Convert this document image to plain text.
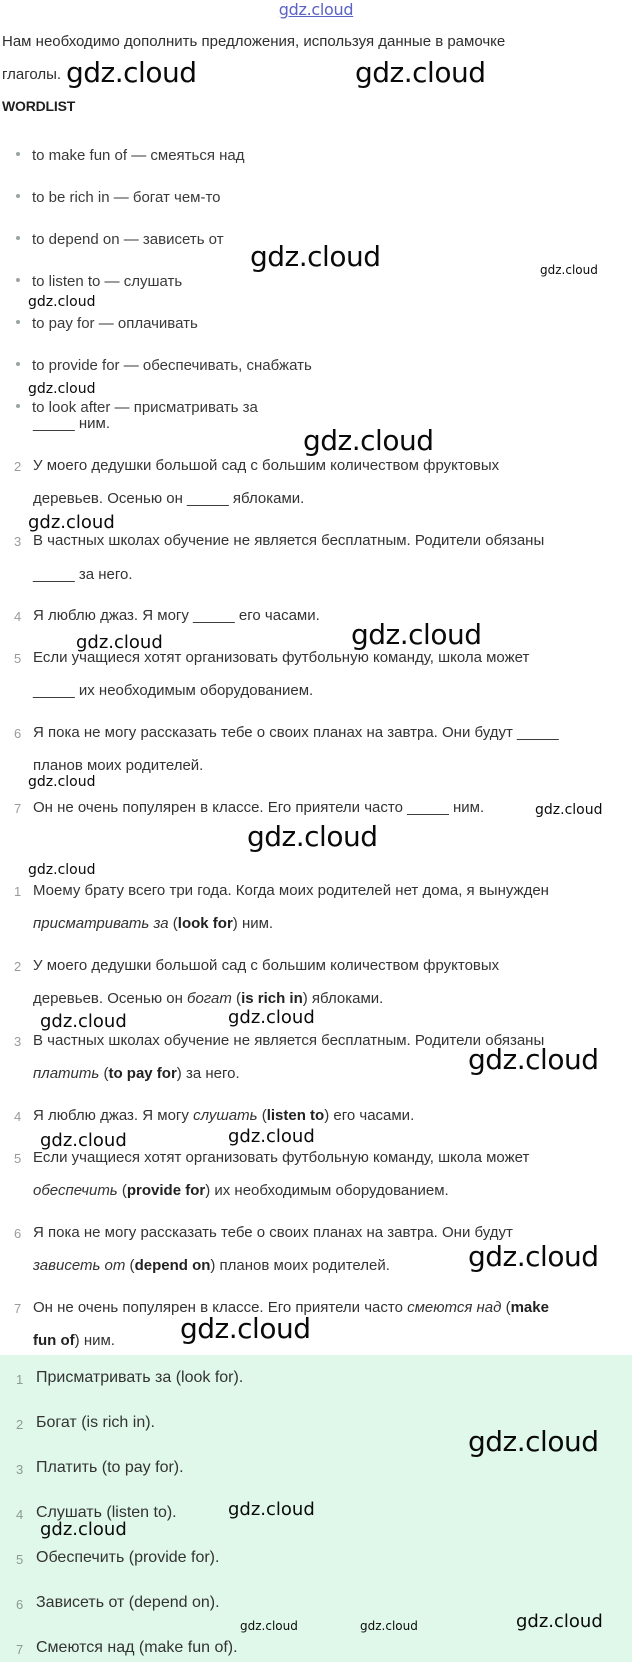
gdz.cloud
Нам необходимо дополнить предложения, используя данные в рамочке
глаголы.
WORDLIST
to make fun of — смеяться над
to be rich in — богат чем-то
to depend on — зависеть от
to listen to — слушать
to pay for — оплачивать
to provide for — обеспечивать, снабжать
to look after — присматривать за
_____ ним.
2 У моего дедушки большой сад с большим количеством фруктовых
деревьев. Осенью он _____ яблоками.
3 В частных школах обучение не является бесплатным. Родители обязаны
_____ за него.
4 Я люблю джаз. Я могу _____ его часами.
5 Если учащиеся хотят организовать футбольную команду, школа может
_____ их необходимым оборудованием.
6 Я пока не могу рассказать тебе о своих планах на завтра. Они будут _____
планов моих родителей.
7 Он не очень популярен в классе. Его приятели часто _____ ним.
1 Моему брату всего три года. Когда моих родителей нет дома, я вынужден
присматривать за (look for) ним.
2 У моего дедушки большой сад с большим количеством фруктовых
деревьев. Осенью он богат (is rich in) яблоками.
3 В частных школах обучение не является бесплатным. Родители обязаны
платить (to pay for) за него.
4 Я люблю джаз. Я могу слушать (listen to) его часами.
5 Если учащиеся хотят организовать футбольную команду, школа может
обеспечить (provide for) их необходимым оборудованием.
6 Я пока не могу рассказать тебе о своих планах на завтра. Они будут
зависеть от (depend on) планов моих родителей.
7 Он не очень популярен в классе. Его приятели часто смеются над (make
fun of) ним.
1 Присматривать за (look for).
2 Богат (is rich in).
3 Платить (to pay for).
4 Слушать (listen to).
5 Обеспечить (provide for).
6 Зависеть от (depend on).
7 Смеются над (make fun of).
gdz.cloud	gdz.cloud
gdz.cloud	gdz.cloud
gdz.cloud
gdz.cloud
gdz.cloud
gdz.cloud
gdz.cloud	gdz.cloud
gdz.cloud
gdz.cloud
gdz.cloud
gdz.cloud
gdz.cloud	gdz.cloud
gdz.cloud
gdz.cloud	gdz.cloud
gdz.cloud
gdz.cloud
gdz.cloud
gdz.cloud
gdz.cloud
gdz.cloud
gdz.cloud	gdz.cloud
